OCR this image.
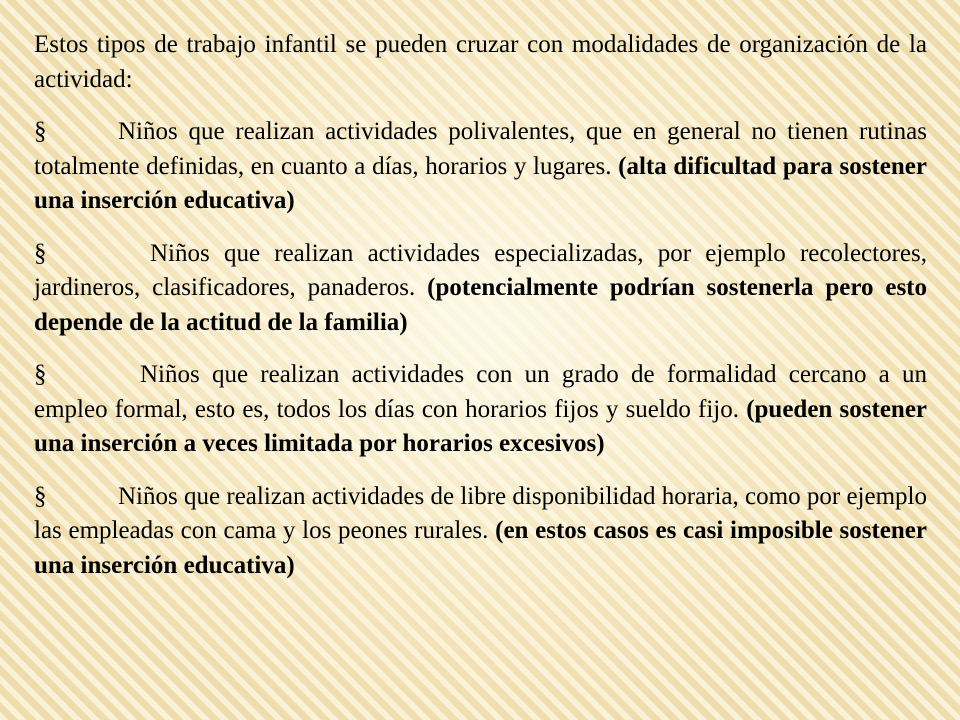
Estos tipos de trabajo infantil se pueden cruzar con modalidades de organización de la actividad:

§	Niños que realizan actividades polivalentes, que en general no tienen rutinas totalmente definidas, en cuanto a días, horarios y lugares. (alta dificultad para sostener una inserción educativa)

§	Niños que realizan actividades especializadas, por ejemplo recolectores, jardineros, clasificadores, panaderos. (potencialmente podrían sostenerla pero esto depende de la actitud de la familia)

§	Niños que realizan actividades con un grado de formalidad cercano a un empleo formal, esto es, todos los días con horarios fijos y sueldo fijo. (pueden sostener una inserción a veces limitada por horarios excesivos)

§	Niños que realizan actividades de libre disponibilidad horaria, como por ejemplo las empleadas con cama y los peones rurales. (en estos casos es casi imposible sostener una inserción educativa)
